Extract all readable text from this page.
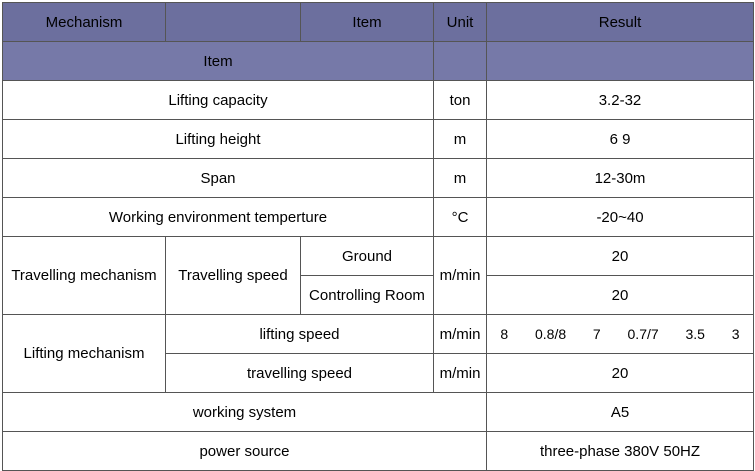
Mechanism		Item	Unit	Result
Item				
Lifting capacity			ton	3.2-32
Lifting height			m	6 9
Span			m	12-30m
Working environment temperture			°C	-20~40
Travelling mechanism	Travelling speed	Ground	m/min	20
		Controlling Room		20
Lifting mechanism	lifting speed	m/min	8 0.8/8 7 0.7/7 3.5 3

	travelling speed		m/min	20
working system				A5
power source				three-phase 380V 50HZ
